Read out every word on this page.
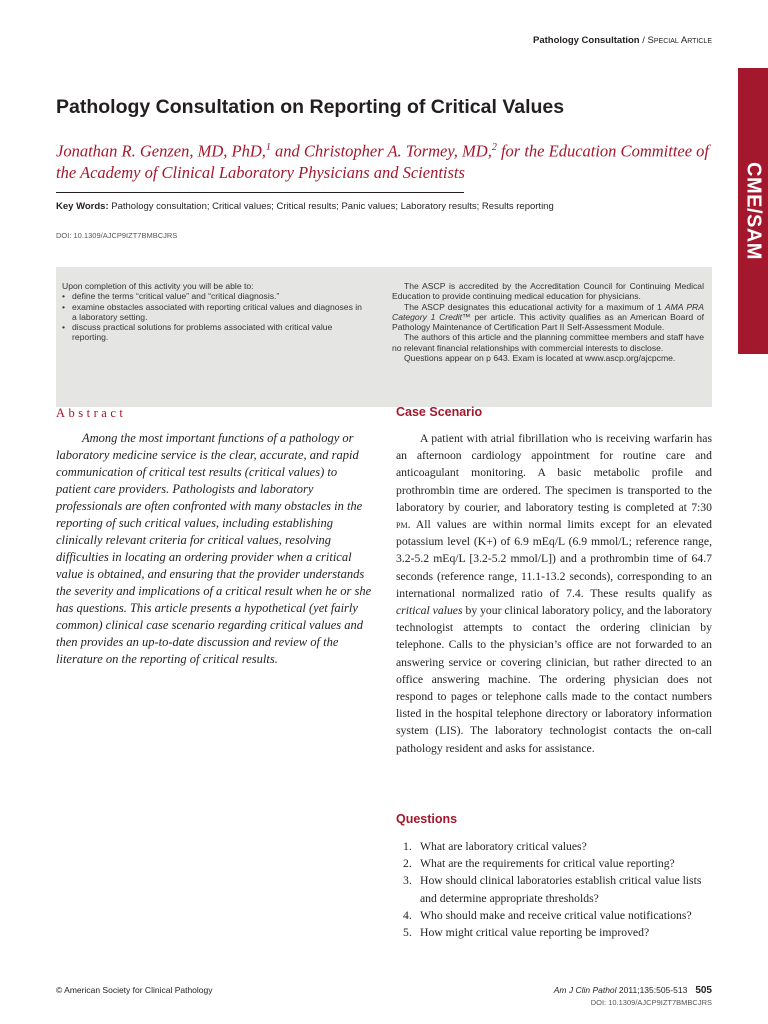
Pathology Consultation / Special Article
CME/SAM
Pathology Consultation on Reporting of Critical Values
Jonathan R. Genzen, MD, PhD,$^1$ and Christopher A. Tormey, MD,$^2$ for the Education Committee of the Academy of Clinical Laboratory Physicians and Scientists
Key Words: Pathology consultation; Critical values; Critical results; Panic values; Laboratory results; Results reporting
DOI: 10.1309/AJCP9IZT7BMBCJRS
Upon completion of this activity you will be able to:
• define the terms “critical value” and “critical diagnosis.”
• examine obstacles associated with reporting critical values and diagnoses in a laboratory setting.
• discuss practical solutions for problems associated with critical value reporting.

The ASCP is accredited by the Accreditation Council for Continuing Medical Education to provide continuing medical education for physicians.

The ASCP designates this educational activity for a maximum of 1 AMA PRA Category 1 Credit™ per article. This activity qualifies as an American Board of Pathology Maintenance of Certification Part II Self-Assessment Module.

The authors of this article and the planning committee members and staff have no relevant financial relationships with commercial interests to disclose.

Questions appear on p 643. Exam is located at www.ascp.org/ajcpcme.

Abstract

Among the most important functions of a pathology or laboratory medicine service is the clear, accurate, and rapid communication of critical test results (critical values) to patient care providers. Pathologists and laboratory professionals are often confronted with many obstacles in the reporting of such critical values, including establishing clinically relevant criteria for critical values, resolving difficulties in locating an ordering provider when a critical value is obtained, and ensuring that the provider understands the severity and implications of a critical result when he or she has questions. This article presents a hypothetical (yet fairly common) clinical case scenario regarding critical values and then provides an up-to-date discussion and review of the literature on the reporting of critical results.

Case Scenario

A patient with atrial fibrillation who is receiving warfarin has an afternoon cardiology appointment for routine care and anticoagulant monitoring. A basic metabolic profile and prothrombin time are ordered. The specimen is transported to the laboratory by courier, and laboratory testing is completed at 7:30 pm. All values are within normal limits except for an elevated potassium level (K+) of 6.9 mEq/L (6.9 mmol/L; reference range, 3.2-5.2 mEq/L [3.2-5.2 mmol/L]) and a prothrombin time of 64.7 seconds (reference range, 11.1-13.2 seconds), corresponding to an international normalized ratio of 7.4. These results qualify as critical values by your clinical laboratory policy, and the laboratory technologist attempts to contact the ordering clinician by telephone. Calls to the physician’s office are not forwarded to an answering service or covering clinician, but rather directed to an office answering machine. The ordering physician does not respond to pages or telephone calls made to the contact numbers listed in the hospital telephone directory or laboratory information system (LIS). The laboratory technologist contacts the on-call pathology resident and asks for assistance.

Questions
1. What are laboratory critical values?
2. What are the requirements for critical value reporting?
3. How should clinical laboratories establish critical value lists and determine appropriate thresholds?
4. Who should make and receive critical value notifications?
5. How might critical value reporting be improved?
© American Society for Clinical Pathology	Am J Clin Pathol 2011;135:505-513 505
DOI: 10.1309/AJCP9IZT7BMBCJRS
